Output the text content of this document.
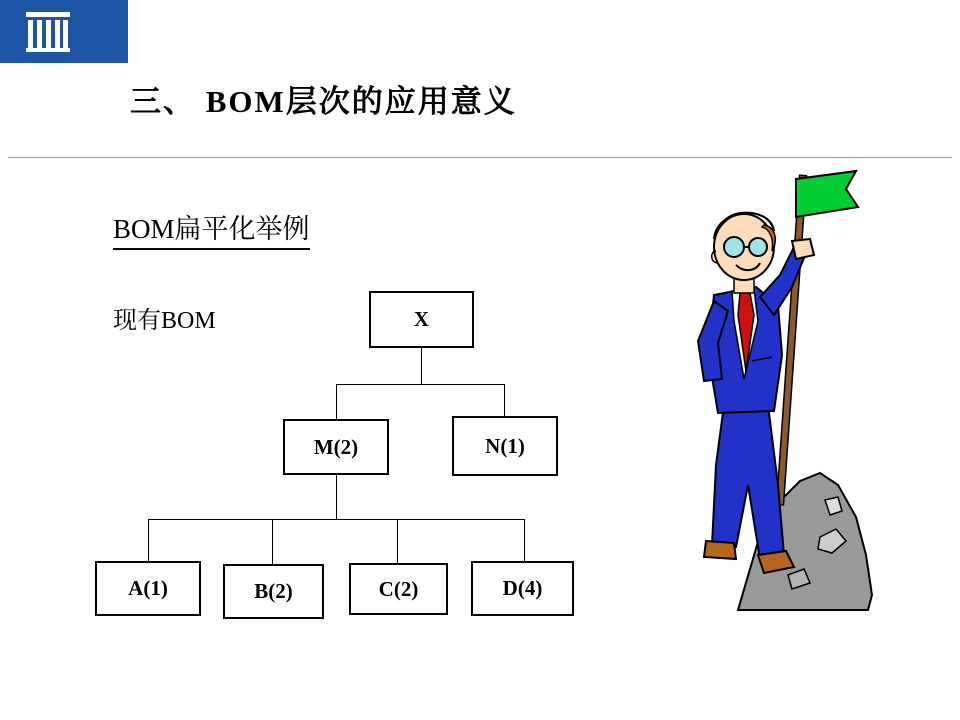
三、 BOM层次的应用意义
BOM扁平化举例
现有BOM	X
M(2)	N(1)
A(1)	B(2)	C(2)	D(4)
